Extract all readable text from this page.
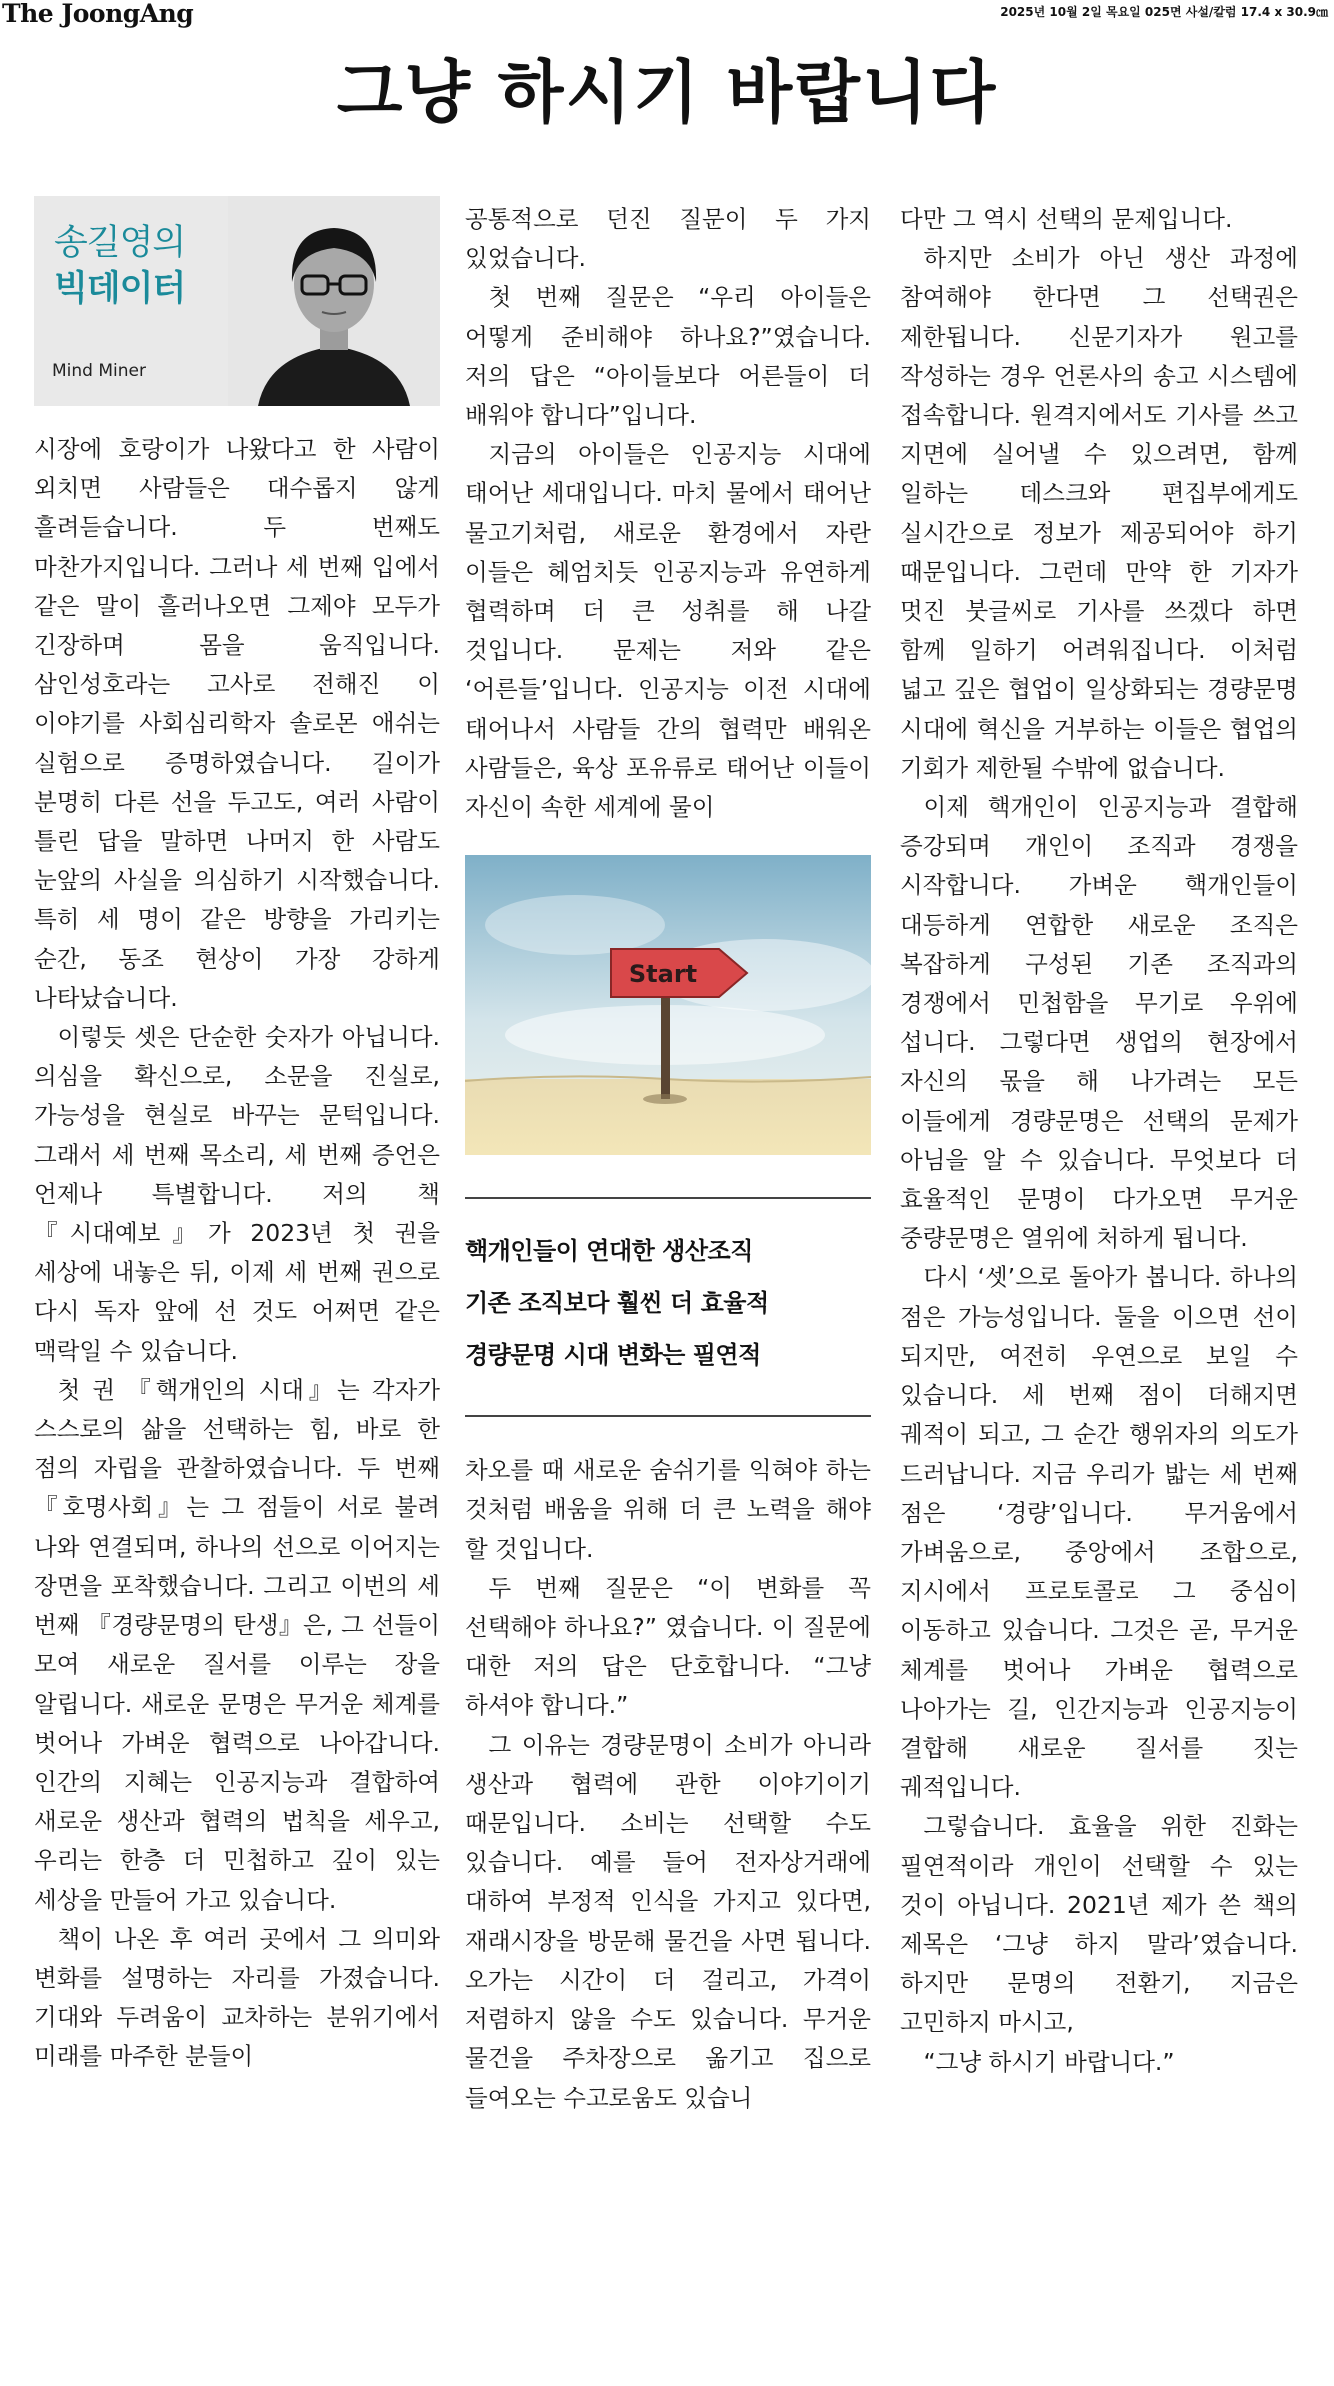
The JoongAng	2025년 10월 2일 목요일 025면 사설/칼럼 17.4 x 30.9㎝
그냥 하시기 바랍니다
송길영의
빅데이터
Mind Miner

시장에 호랑이가 나왔다고 한 사람이 외치면 사람들은 대수롭지 않게 흘려듣습니다. 두 번째도 마찬가지입니다. 그러나 세 번째 입에서 같은 말이 흘러나오면 그제야 모두가 긴장하며 몸을 움직입니다. 삼인성호라는 고사로 전해진 이 이야기를 사회심리학자 솔로몬 애쉬는 실험으로 증명하였습니다. 길이가 분명히 다른 선을 두고도, 여러 사람이 틀린 답을 말하면 나머지 한 사람도 눈앞의 사실을 의심하기 시작했습니다. 특히 세 명이 같은 방향을 가리키는 순간, 동조 현상이 가장 강하게 나타났습니다.

이렇듯 셋은 단순한 숫자가 아닙니다. 의심을 확신으로, 소문을 진실로, 가능성을 현실로 바꾸는 문턱입니다. 그래서 세 번째 목소리, 세 번째 증언은 언제나 특별합니다. 저의 책 『시대예보』가 2023년 첫 권을 세상에 내놓은 뒤, 이제 세 번째 권으로 다시 독자 앞에 선 것도 어쩌면 같은 맥락일 수 있습니다.

첫 권 『핵개인의 시대』는 각자가 스스로의 삶을 선택하는 힘, 바로 한 점의 자립을 관찰하였습니다. 두 번째 『호명사회』는 그 점들이 서로 불려 나와 연결되며, 하나의 선으로 이어지는 장면을 포착했습니다. 그리고 이번의 세 번째 『경량문명의 탄생』은, 그 선들이 모여 새로운 질서를 이루는 장을 알립니다. 새로운 문명은 무거운 체계를 벗어나 가벼운 협력으로 나아갑니다. 인간의 지혜는 인공지능과 결합하여 새로운 생산과 협력의 법칙을 세우고, 우리는 한층 더 민첩하고 깊이 있는 세상을 만들어 가고 있습니다.

책이 나온 후 여러 곳에서 그 의미와 변화를 설명하는 자리를 가졌습니다. 기대와 두려움이 교차하는 분위기에서 미래를 마주한 분들이

공통적으로 던진 질문이 두 가지 있었습니다.

첫 번째 질문은 “우리 아이들은 어떻게 준비해야 하나요?”였습니다. 저의 답은 “아이들보다 어른들이 더 배워야 합니다”입니다.

지금의 아이들은 인공지능 시대에 태어난 세대입니다. 마치 물에서 태어난 물고기처럼, 새로운 환경에서 자란 이들은 헤엄치듯 인공지능과 유연하게 협력하며 더 큰 성취를 해 나갈 것입니다. 문제는 저와 같은 ‘어른들’입니다. 인공지능 이전 시대에 태어나서 사람들 간의 협력만 배워온 사람들은, 육상 포유류로 태어난 이들이 자신이 속한 세계에 물이

Start
핵개인들이 연대한 생산조직
기존 조직보다 훨씬 더 효율적
경량문명 시대 변화는 필연적

차오를 때 새로운 숨쉬기를 익혀야 하는 것처럼 배움을 위해 더 큰 노력을 해야 할 것입니다.

두 번째 질문은 “이 변화를 꼭 선택해야 하나요?” 였습니다. 이 질문에 대한 저의 답은 단호합니다. “그냥 하셔야 합니다.”

그 이유는 경량문명이 소비가 아니라 생산과 협력에 관한 이야기이기 때문입니다. 소비는 선택할 수도 있습니다. 예를 들어 전자상거래에 대하여 부정적 인식을 가지고 있다면, 재래시장을 방문해 물건을 사면 됩니다. 오가는 시간이 더 걸리고, 가격이 저렴하지 않을 수도 있습니다. 무거운 물건을 주차장으로 옮기고 집으로 들여오는 수고로움도 있습니

다만 그 역시 선택의 문제입니다.

하지만 소비가 아닌 생산 과정에 참여해야 한다면 그 선택권은 제한됩니다. 신문기자가 원고를 작성하는 경우 언론사의 송고 시스템에 접속합니다. 원격지에서도 기사를 쓰고 지면에 실어낼 수 있으려면, 함께 일하는 데스크와 편집부에게도 실시간으로 정보가 제공되어야 하기 때문입니다. 그런데 만약 한 기자가 멋진 붓글씨로 기사를 쓰겠다 하면 함께 일하기 어려워집니다. 이처럼 넓고 깊은 협업이 일상화되는 경량문명 시대에 혁신을 거부하는 이들은 협업의 기회가 제한될 수밖에 없습니다.

이제 핵개인이 인공지능과 결합해 증강되며 개인이 조직과 경쟁을 시작합니다. 가벼운 핵개인들이 대등하게 연합한 새로운 조직은 복잡하게 구성된 기존 조직과의 경쟁에서 민첩함을 무기로 우위에 섭니다. 그렇다면 생업의 현장에서 자신의 몫을 해 나가려는 모든 이들에게 경량문명은 선택의 문제가 아님을 알 수 있습니다. 무엇보다 더 효율적인 문명이 다가오면 무거운 중량문명은 열위에 처하게 됩니다.

다시 ‘셋’으로 돌아가 봅니다. 하나의 점은 가능성입니다. 둘을 이으면 선이 되지만, 여전히 우연으로 보일 수 있습니다. 세 번째 점이 더해지면 궤적이 되고, 그 순간 행위자의 의도가 드러납니다. 지금 우리가 밟는 세 번째 점은 ‘경량’입니다. 무거움에서 가벼움으로, 중앙에서 조합으로, 지시에서 프로토콜로 그 중심이 이동하고 있습니다. 그것은 곧, 무거운 체계를 벗어나 가벼운 협력으로 나아가는 길, 인간지능과 인공지능이 결합해 새로운 질서를 짓는 궤적입니다.

그렇습니다. 효율을 위한 진화는 필연적이라 개인이 선택할 수 있는 것이 아닙니다. 2021년 제가 쓴 책의 제목은 ‘그냥 하지 말라’였습니다. 하지만 문명의 전환기, 지금은 고민하지 마시고,

“그냥 하시기 바랍니다.”
